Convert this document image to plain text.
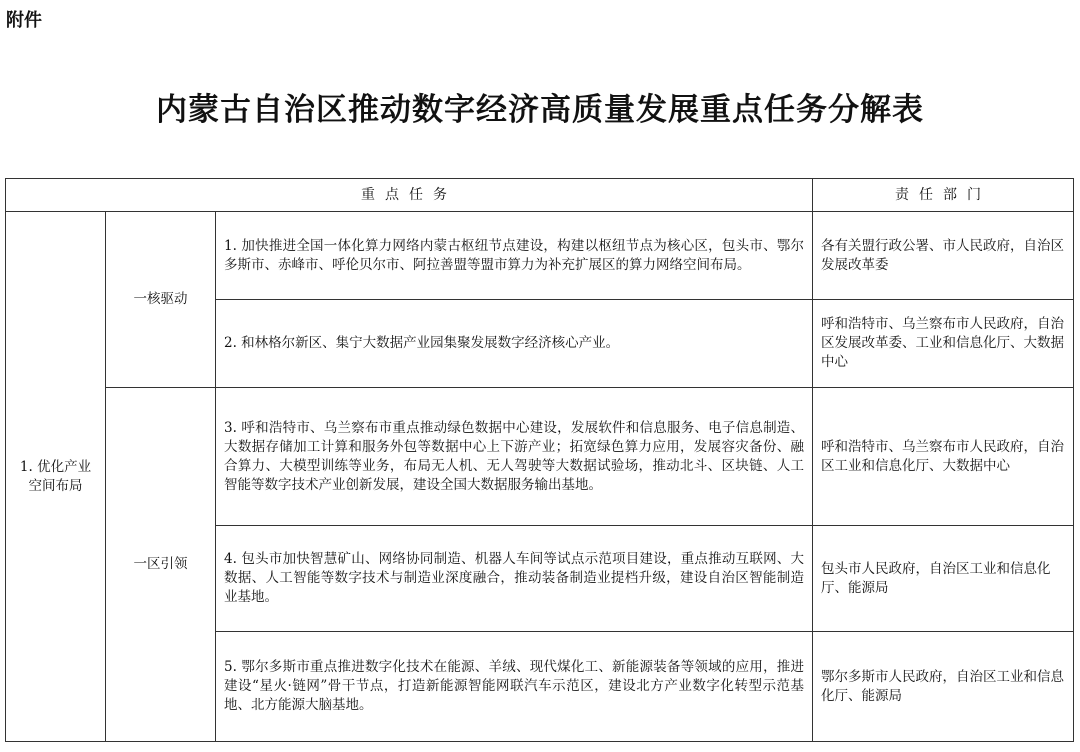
附件
内蒙古自治区推动数字经济高质量发展重点任务分解表
重点任务			责任部门
1. 优化产业空间布局	一核驱动	1. 加快推进全国一体化算力网络内蒙古枢纽节点建设，构建以枢纽节点为核心区，包头市、鄂尔多斯市、赤峰市、呼伦贝尔市、阿拉善盟等盟市算力为补充扩展区的算力网络空间布局。	各有关盟行政公署、市人民政府，自治区发展改革委
		2. 和林格尔新区、集宁大数据产业园集聚发展数字经济核心产业。	呼和浩特市、乌兰察布市人民政府，自治区发展改革委、工业和信息化厅、大数据中心
	一区引领	3. 呼和浩特市、乌兰察布市重点推动绿色数据中心建设，发展软件和信息服务、电子信息制造、大数据存储加工计算和服务外包等数据中心上下游产业；拓宽绿色算力应用，发展容灾备份、融合算力、大模型训练等业务，布局无人机、无人驾驶等大数据试验场，推动北斗、区块链、人工智能等数字技术产业创新发展，建设全国大数据服务输出基地。	呼和浩特市、乌兰察布市人民政府，自治区工业和信息化厅、大数据中心
		4. 包头市加快智慧矿山、网络协同制造、机器人车间等试点示范项目建设，重点推动互联网、大数据、人工智能等数字技术与制造业深度融合，推动装备制造业提档升级，建设自治区智能制造业基地。	包头市人民政府，自治区工业和信息化厅、能源局
		5. 鄂尔多斯市重点推进数字化技术在能源、羊绒、现代煤化工、新能源装备等领域的应用，推进建设“星火·链网”骨干节点，打造新能源智能网联汽车示范区，建设北方产业数字化转型示范基地、北方能源大脑基地。	鄂尔多斯市人民政府，自治区工业和信息化厅、能源局
